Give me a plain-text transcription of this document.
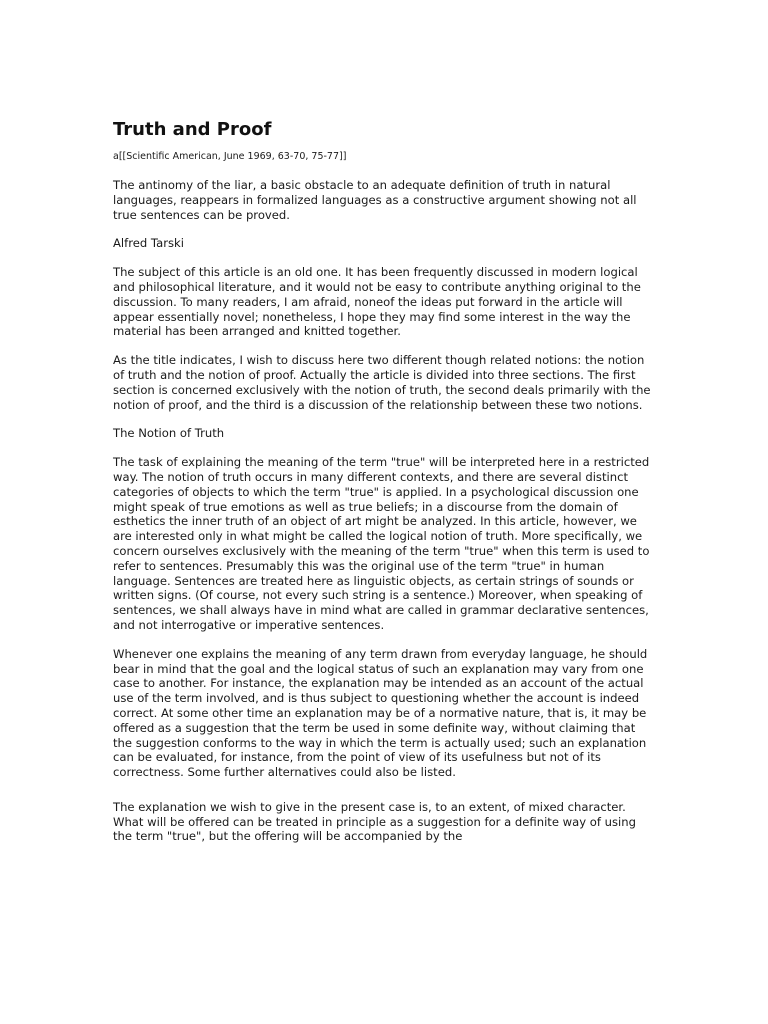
Truth and Proof

a[[Scientific American, June 1969, 63-70, 75-77]]

The antinomy of the liar, a basic obstacle to an adequate definition of truth in natural languages, reappears in formalized languages as a constructive argument showing not all true sentences can be proved.

Alfred Tarski

The subject of this article is an old one. It has been frequently discussed in modern logical and philosophical literature, and it would not be easy to contribute anything original to the discussion. To many readers, I am afraid, noneof the ideas put forward in the article will appear essentially novel; nonetheless, I hope they may find some interest in the way the material has been arranged and knitted together.

As the title indicates, I wish to discuss here two different though related notions: the notion of truth and the notion of proof. Actually the article is divided into three sections. The first section is concerned exclusively with the notion of truth, the second deals primarily with the notion of proof, and the third is a discussion of the relationship between these two notions.

The Notion of Truth

The task of explaining the meaning of the term "true" will be interpreted here in a restricted way. The notion of truth occurs in many different contexts, and there are several distinct categories of objects to which the term "true" is applied. In a psychological discussion one might speak of true emotions as well as true beliefs; in a discourse from the domain of esthetics the inner truth of an object of art might be analyzed. In this article, however, we are interested only in what might be called the logical notion of truth. More specifically, we concern ourselves exclusively with the meaning of the term "true" when this term is used to refer to sentences. Presumably this was the original use of the term "true" in human language. Sentences are treated here as linguistic objects, as certain strings of sounds or written signs. (Of course, not every such string is a sentence.) Moreover, when speaking of sentences, we shall always have in mind what are called in grammar declarative sentences, and not interrogative or imperative sentences.

Whenever one explains the meaning of any term drawn from everyday language, he should bear in mind that the goal and the logical status of such an explanation may vary from one case to another. For instance, the explanation may be intended as an account of the actual use of the term involved, and is thus subject to questioning whether the account is indeed correct. At some other time an explanation may be of a normative nature, that is, it may be offered as a suggestion that the term be used in some definite way, without claiming that the suggestion conforms to the way in which the term is actually used; such an explanation can be evaluated, for instance, from the point of view of its usefulness but not of its correctness. Some further alternatives could also be listed.

The explanation we wish to give in the present case is, to an extent, of mixed character. What will be offered can be treated in principle as a suggestion for a definite way of using the term "true", but the offering will be accompanied by the
